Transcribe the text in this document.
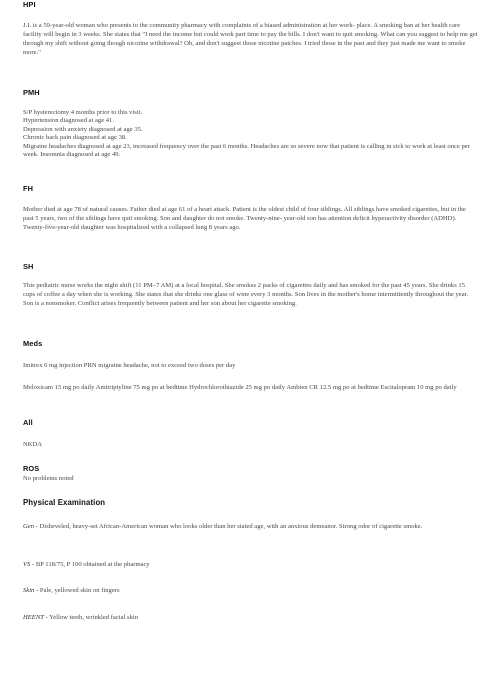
HPI

J.I. is a 59-year-old woman who presents to the community pharmacy with complaints of a biased administration at her work- place. A smoking ban at her health care facility will begin in 3 weeks. She states that "I need the income but could work part time to pay the bills. I don't want to quit smoking. What can you suggest to help me get through my shift without going though nicotine withdrawal? Oh, and don't suggest those nicotine patches. I tried those in the past and they just made me want to smoke more."

PMH
S/P hysterectomy 4 months prior to this visit.
Hypertension diagnosed at age 41.
Depression with anxiety diagnosed at age 35.
Chronic back pain diagnosed at age 38.
Migraine headaches diagnosed at age 23, increased frequency over the past 6 months. Headaches are so severe now that patient is calling in sick to work at least once per week. Insomnia diagnosed at age 49.
FH

Mother died at age 78 of natural causes. Father died at age 61 of a heart attack. Patient is the oldest child of four siblings. All siblings have smoked cigarettes, but in the past 5 years, two of the siblings have quit smoking. Son and daughter do not smoke. Twenty-nine- year-old son has attention deficit hyperactivity disorder (ADHD). Twenty-five-year-old daughter was hospitalized with a collapsed lung 8 years ago.

SH

This pediatric nurse works the night shift (11 PM–7 AM) at a local hospital. She smokes 2 packs of cigarettes daily and has smoked for the past 45 years. She drinks 15 cups of coffee a day when she is working. She states that she drinks one glass of wine every 3 months. Son lives in the mother's home intermittently throughout the year. Son is a nonsmoker. Conflict arises frequently between patient and her son about her cigarette smoking.

Meds

Imitrex 6 mg injection PRN migraine headache, not to exceed two doses per day

Meloxicam 15 mg po daily Amitriptyline 75 mg po at bedtime Hydrochlorothiazide 25 mg po daily Ambien CR 12.5 mg po at bedtime Escitalopram 10 mg po daily

All

NKDA

ROS

No problems noted

Physical Examination

Gen - Disheveled, heavy-set African-American woman who looks older than her stated age, with an anxious demeanor. Strong odor of cigarette smoke.

VS - BP 118/75, P 100 obtained at the pharmacy

Skin - Pale, yellowed skin on fingers

HEENT - Yellow teeth, wrinkled facial skin
